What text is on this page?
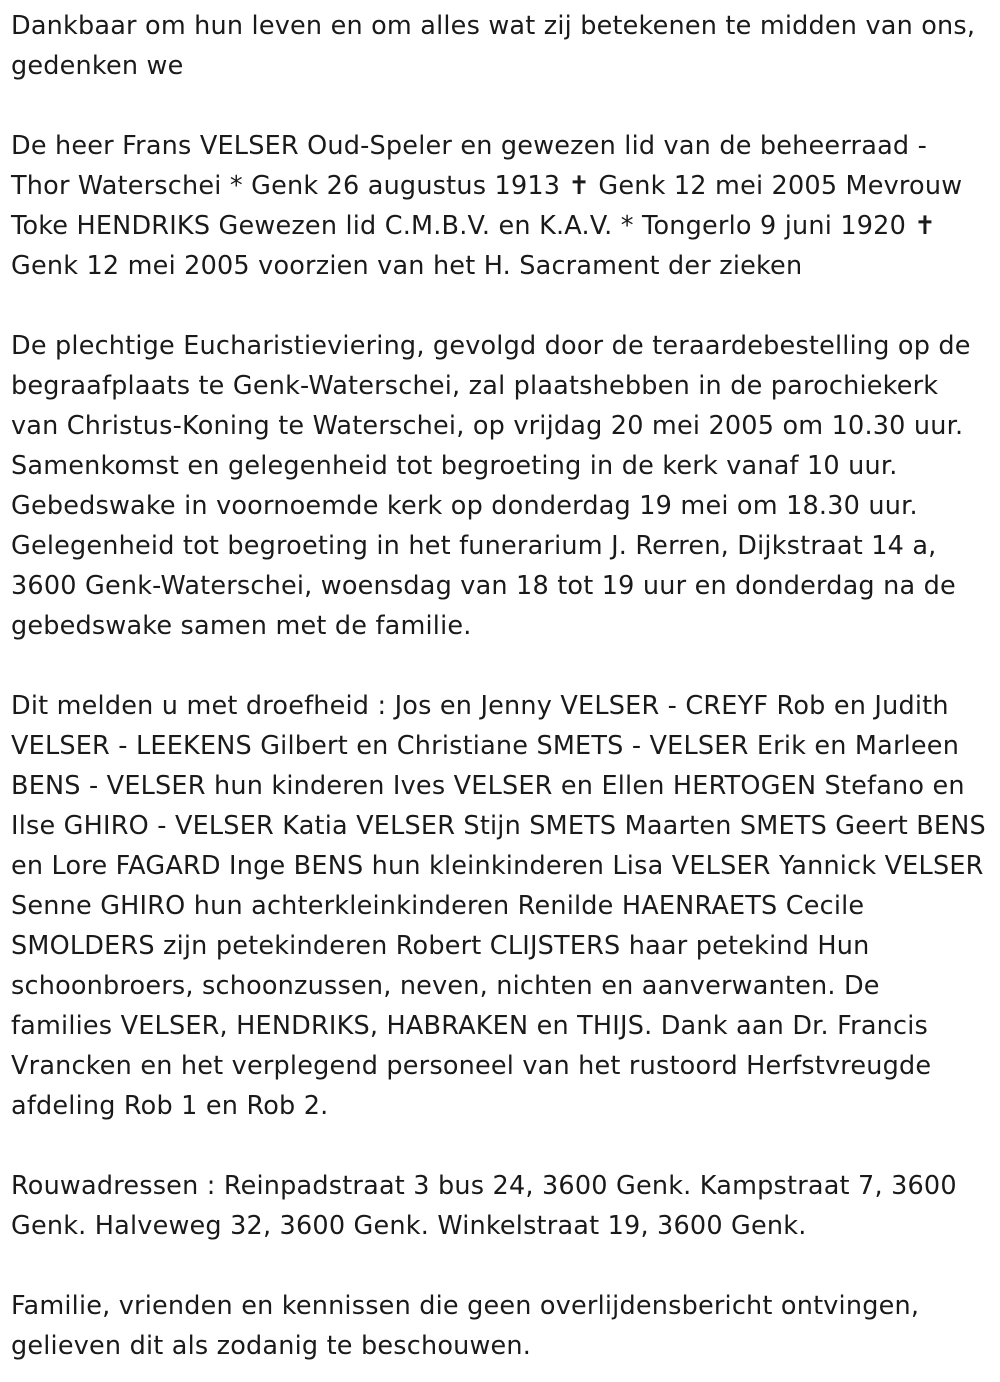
Dankbaar om hun leven en om alles wat zij betekenen te midden van ons, gedenken we

De heer Frans VELSER Oud-Speler en gewezen lid van de beheerraad - Thor Waterschei * Genk 26 augustus 1913 ✝ Genk 12 mei 2005 Mevrouw Toke HENDRIKS Gewezen lid C.M.B.V. en K.A.V. * Tongerlo 9 juni 1920 ✝ Genk 12 mei 2005 voorzien van het H. Sacrament der zieken

De plechtige Eucharistieviering, gevolgd door de teraardebestelling op de begraafplaats te Genk-Waterschei, zal plaatshebben in de parochiekerk van Christus-Koning te Waterschei, op vrijdag 20 mei 2005 om 10.30 uur. Samenkomst en gelegenheid tot begroeting in de kerk vanaf 10 uur. Gebedswake in voornoemde kerk op donderdag 19 mei om 18.30 uur. Gelegenheid tot begroeting in het funerarium J. Rerren, Dijkstraat 14 a, 3600 Genk-Waterschei, woensdag van 18 tot 19 uur en donderdag na de gebedswake samen met de familie.

Dit melden u met droefheid : Jos en Jenny VELSER - CREYF Rob en Judith VELSER - LEEKENS Gilbert en Christiane SMETS - VELSER Erik en Marleen BENS - VELSER hun kinderen Ives VELSER en Ellen HERTOGEN Stefano en Ilse GHIRO - VELSER Katia VELSER Stijn SMETS Maarten SMETS Geert BENS en Lore FAGARD Inge BENS hun kleinkinderen Lisa VELSER Yannick VELSER Senne GHIRO hun achterkleinkinderen Renilde HAENRAETS Cecile SMOLDERS zijn petekinderen Robert CLIJSTERS haar petekind Hun schoonbroers, schoonzussen, neven, nichten en aanverwanten. De families VELSER, HENDRIKS, HABRAKEN en THIJS. Dank aan Dr. Francis Vrancken en het verplegend personeel van het rustoord Herfstvreugde afdeling Rob 1 en Rob 2.

Rouwadressen : Reinpadstraat 3 bus 24, 3600 Genk. Kampstraat 7, 3600 Genk. Halveweg 32, 3600 Genk. Winkelstraat 19, 3600 Genk.

Familie, vrienden en kennissen die geen overlijdensbericht ontvingen, gelieven dit als zodanig te beschouwen.
